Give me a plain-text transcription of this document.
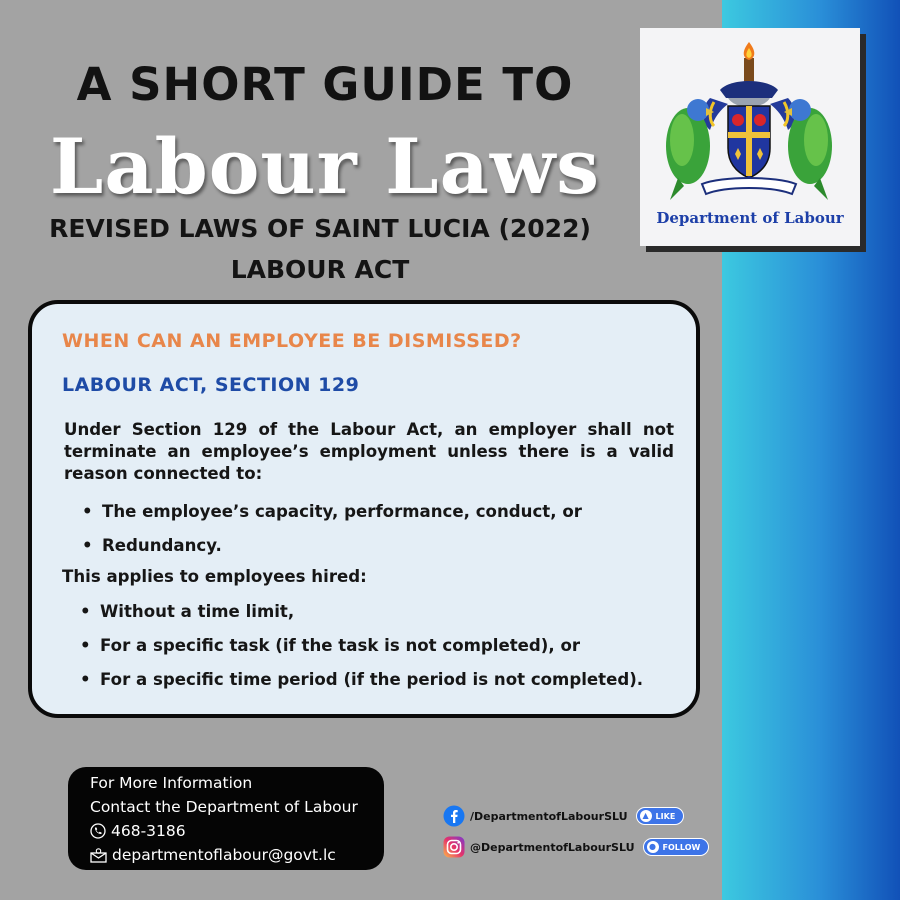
A SHORT GUIDE TO
Labour Laws
REVISED LAWS OF SAINT LUCIA (2022)
LABOUR ACT
Department of Labour
WHEN CAN AN EMPLOYEE BE DISMISSED?
LABOUR ACT, SECTION 129
Under Section 129 of the Labour Act, an employer shall not terminate an employee’s employment unless there is a valid reason connected to:
• The employee’s capacity, performance, conduct, or
• Redundancy.
This applies to employees hired:
• Without a time limit,
• For a specific task (if the task is not completed), or
• For a specific time period (if the period is not completed).
For More Information
Contact the Department of Labour
468-3186
departmentoflabour@govt.lc
/DepartmentofLabourSLU	▲ LIKE
@DepartmentofLabourSLU	● FOLLOW
